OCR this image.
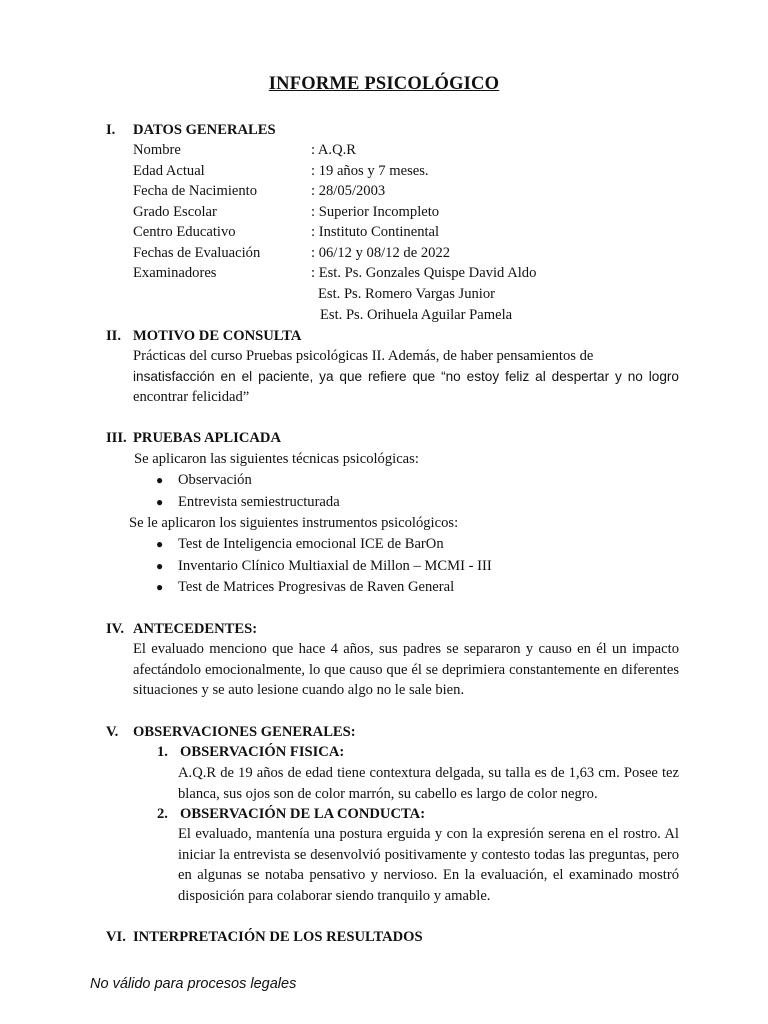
INFORME PSICOLÓGICO
I. DATOS GENERALES
Nombre	: A.Q.R
Edad Actual	: 19 años y 7 meses.
Fecha de Nacimiento	: 28/05/2003
Grado Escolar	: Superior Incompleto
Centro Educativo	: Instituto Continental
Fechas de Evaluación	: 06/12 y 08/12 de 2022
Examinadores	: Est. Ps. Gonzales Quispe David Aldo
Est. Ps. Romero Vargas Junior
Est. Ps. Orihuela Aguilar Pamela
II. MOTIVO DE CONSULTA
Prácticas del curso Pruebas psicológicas II. Además, de haber pensamientos de
insatisfacción en el paciente, ya que refiere que “no estoy feliz al despertar y no logro
encontrar felicidad”
III. PRUEBAS APLICADA
Se aplicaron las siguientes técnicas psicológicas:
● Observación
● Entrevista semiestructurada
Se le aplicaron los siguientes instrumentos psicológicos:
● Test de Inteligencia emocional ICE de BarOn
● Inventario Clínico Multiaxial de Millon – MCMI - III
● Test de Matrices Progresivas de Raven General
IV. ANTECEDENTES:
El evaluado menciono que hace 4 años, sus padres se separaron y causo en él un impacto afectándolo emocionalmente, lo que causo que él se deprimiera constantemente en diferentes situaciones y se auto lesione cuando algo no le sale bien.
V. OBSERVACIONES GENERALES:
1. OBSERVACIÓN FISICA:
A.Q.R de 19 años de edad tiene contextura delgada, su talla es de 1,63 cm. Posee tez blanca, sus ojos son de color marrón, su cabello es largo de color negro.
2. OBSERVACIÓN DE LA CONDUCTA:
El evaluado, mantenía una postura erguida y con la expresión serena en el rostro. Al iniciar la entrevista se desenvolvió positivamente y contesto todas las preguntas, pero en algunas se notaba pensativo y nervioso. En la evaluación, el examinado mostró disposición para colaborar siendo tranquilo y amable.
VI. INTERPRETACIÓN DE LOS RESULTADOS
No válido para procesos legales
